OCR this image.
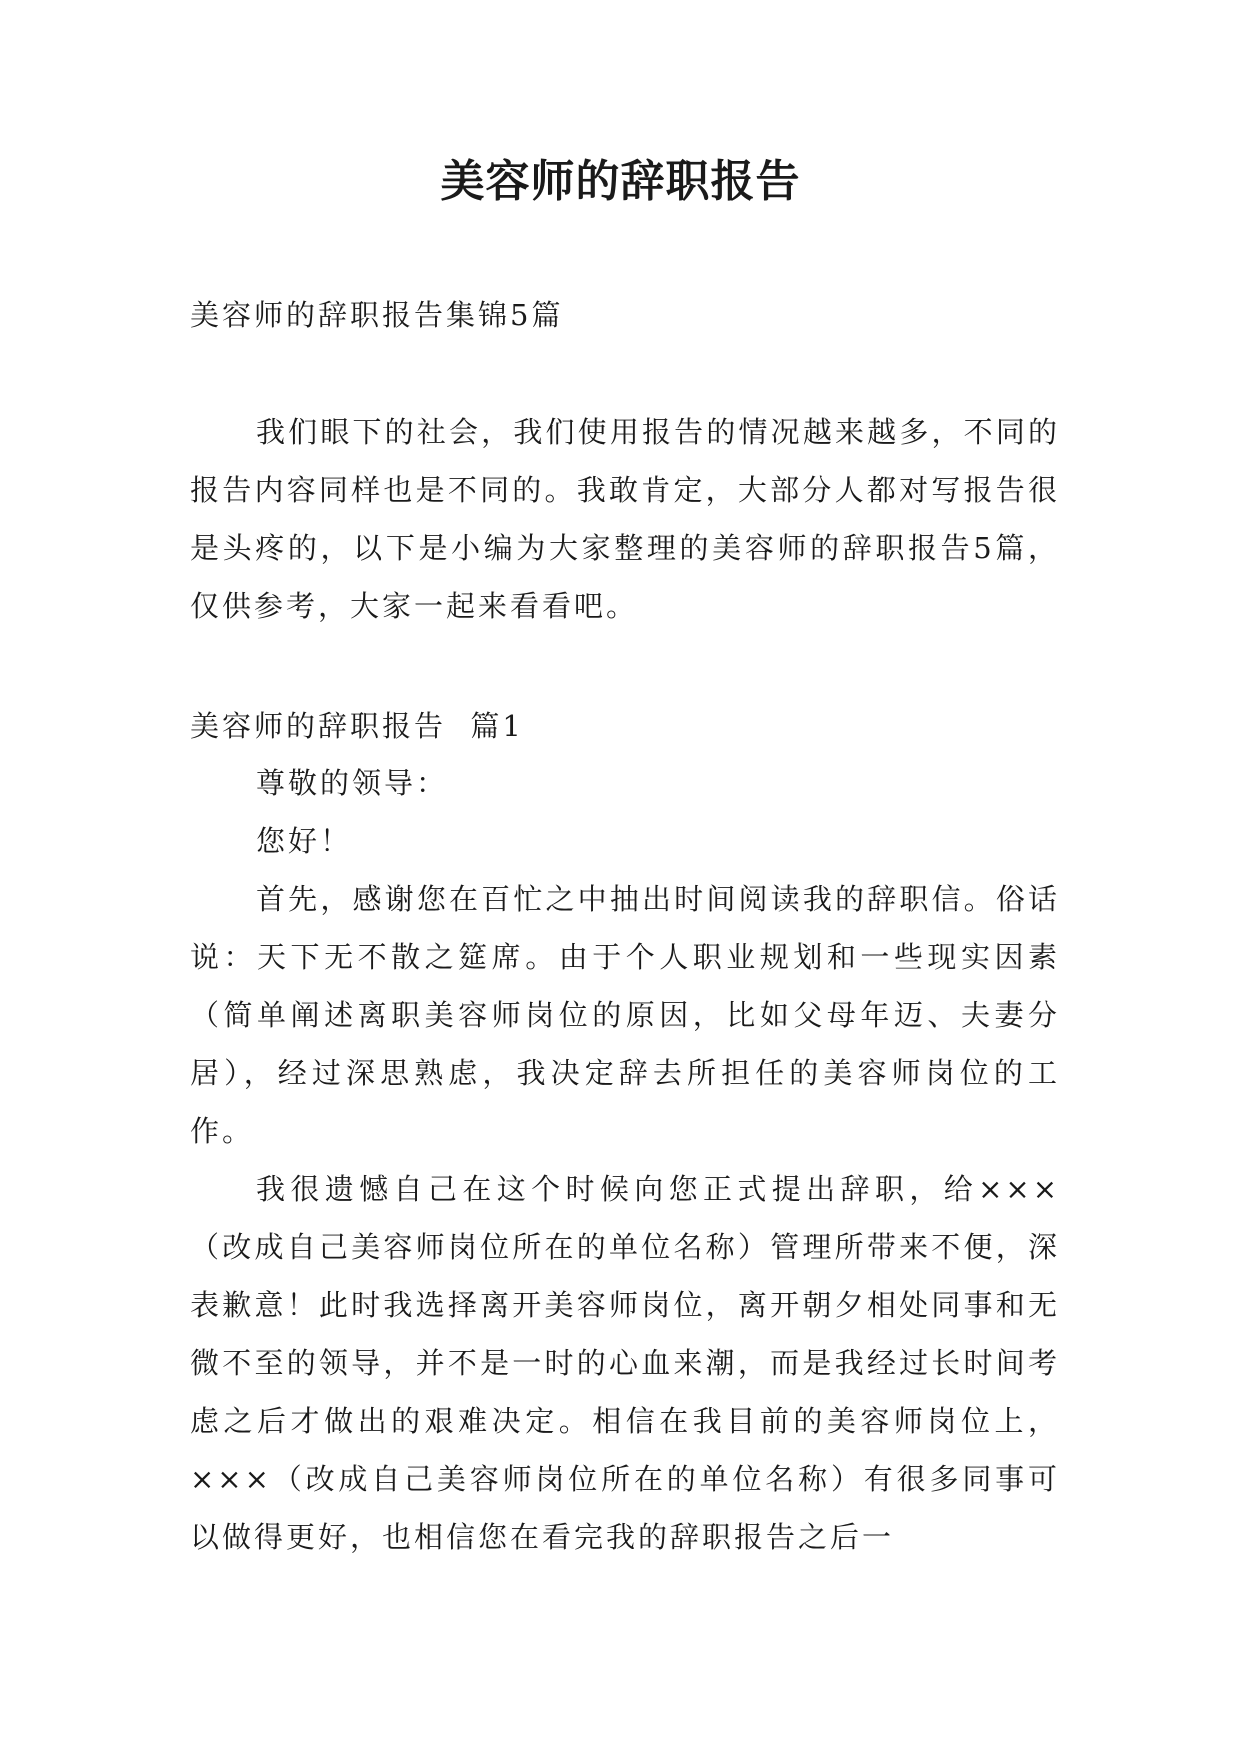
美容师的辞职报告

美容师的辞职报告集锦5篇

我们眼下的社会，我们使用报告的情况越来越多，不同的报告内容同样也是不同的。我敢肯定，大部分人都对写报告很是头疼的，以下是小编为大家整理的美容师的辞职报告5篇，仅供参考，大家一起来看看吧。

美容师的辞职报告  篇1

尊敬的领导：

您好！

首先，感谢您在百忙之中抽出时间阅读我的辞职信。俗话说：天下无不散之筵席。由于个人职业规划和一些现实因素（简单阐述离职美容师岗位的原因，比如父母年迈、夫妻分居），经过深思熟虑，我决定辞去所担任的美容师岗位的工作。

我很遗憾自己在这个时候向您正式提出辞职，给×××（改成自己美容师岗位所在的单位名称）管理所带来不便，深表歉意！此时我选择离开美容师岗位，离开朝夕相处同事和无微不至的领导，并不是一时的心血来潮，而是我经过长时间考虑之后才做出的艰难决定。相信在我目前的美容师岗位上，×××（改成自己美容师岗位所在的单位名称）有很多同事可以做得更好，也相信您在看完我的辞职报告之后一
